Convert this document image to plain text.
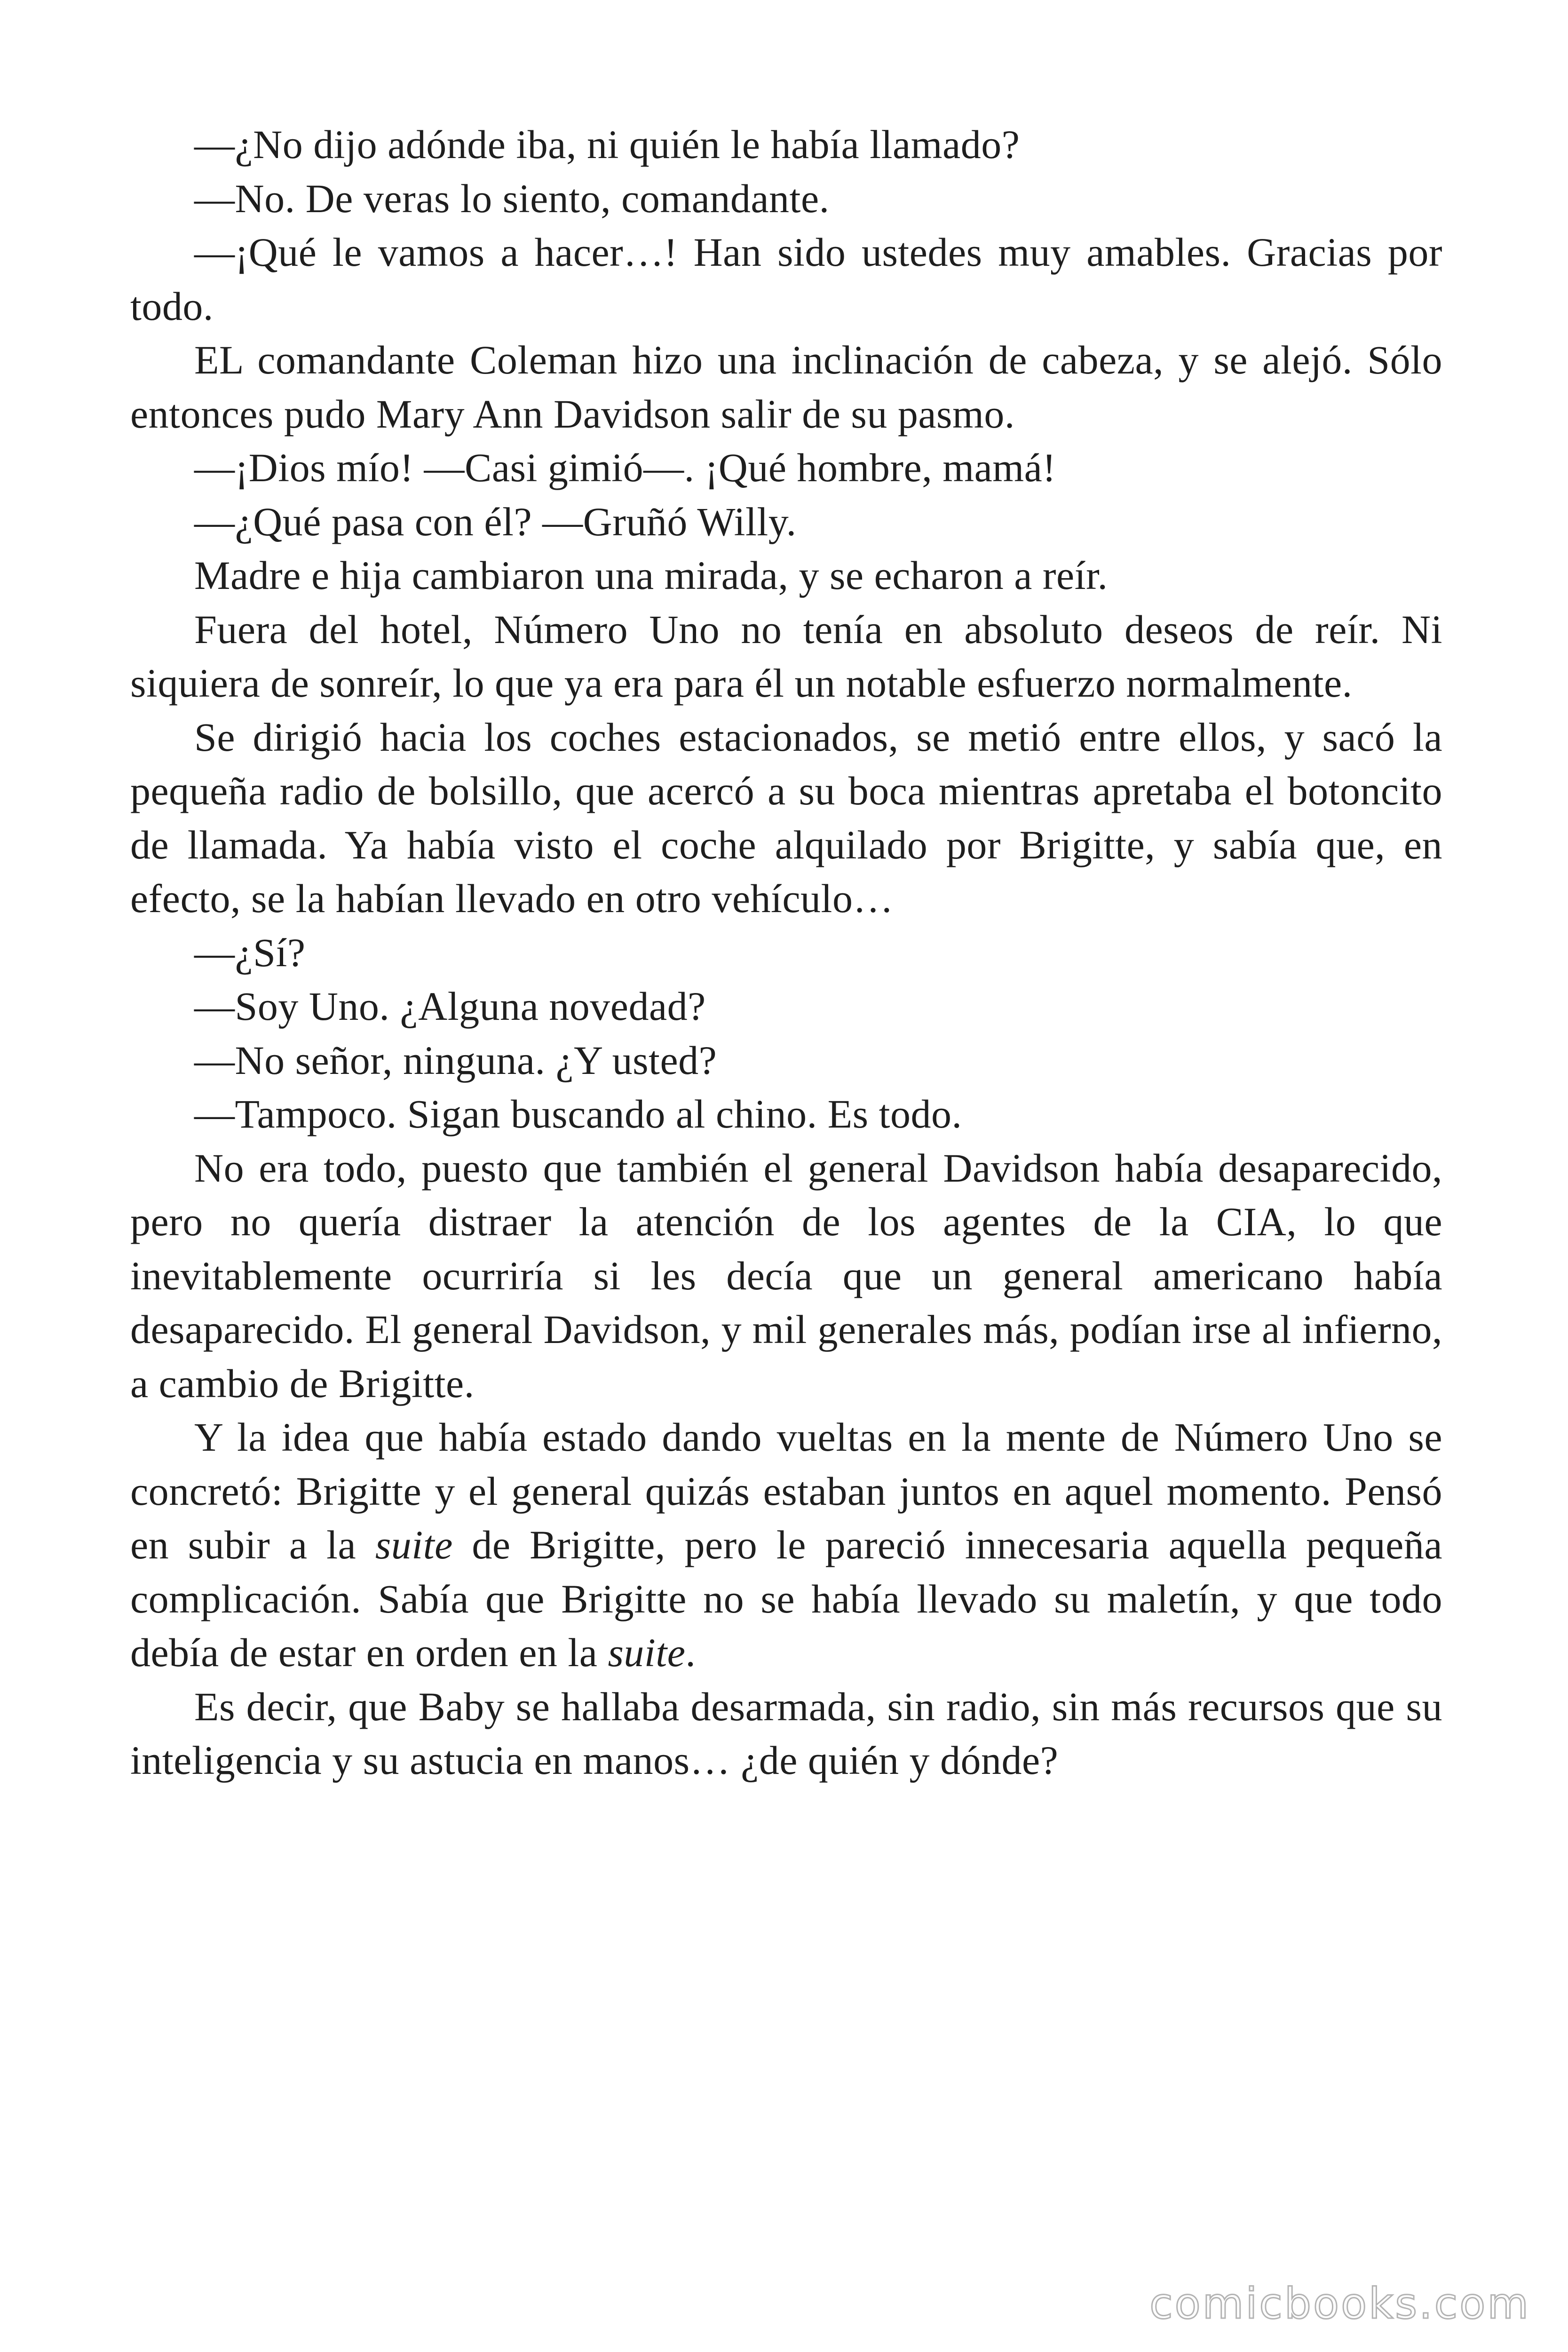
—¿No dijo adónde iba, ni quién le había llamado?

—No. De veras lo siento, comandante.

—¡Qué le vamos a hacer…! Han sido ustedes muy amables. Gracias por todo.

EL comandante Coleman hizo una inclinación de cabeza, y se alejó. Sólo entonces pudo Mary Ann Davidson salir de su pasmo.

—¡Dios mío! —Casi gimió—. ¡Qué hombre, mamá!

—¿Qué pasa con él? —Gruñó Willy.

Madre e hija cambiaron una mirada, y se echaron a reír.

Fuera del hotel, Número Uno no tenía en absoluto deseos de reír. Ni siquiera de sonreír, lo que ya era para él un notable esfuerzo normalmente.

Se dirigió hacia los coches estacionados, se metió entre ellos, y sacó la pequeña radio de bolsillo, que acercó a su boca mientras apretaba el botoncito de llamada. Ya había visto el coche alquilado por Brigitte, y sabía que, en efecto, se la habían llevado en otro vehículo…

—¿Sí?

—Soy Uno. ¿Alguna novedad?

—No señor, ninguna. ¿Y usted?

—Tampoco. Sigan buscando al chino. Es todo.

No era todo, puesto que también el general Davidson había desaparecido, pero no quería distraer la atención de los agentes de la CIA, lo que inevitablemente ocurriría si les decía que un general americano había desaparecido. El general Davidson, y mil generales más, podían irse al infierno, a cambio de Brigitte.

Y la idea que había estado dando vueltas en la mente de Número Uno se concretó: Brigitte y el general quizás estaban juntos en aquel momento. Pensó en subir a la suite de Brigitte, pero le pareció innecesaria aquella pequeña complicación. Sabía que Brigitte no se había llevado su maletín, y que todo debía de estar en orden en la suite.

Es decir, que Baby se hallaba desarmada, sin radio, sin más recursos que su inteligencia y su astucia en manos… ¿de quién y dónde?

comicbooks.com
